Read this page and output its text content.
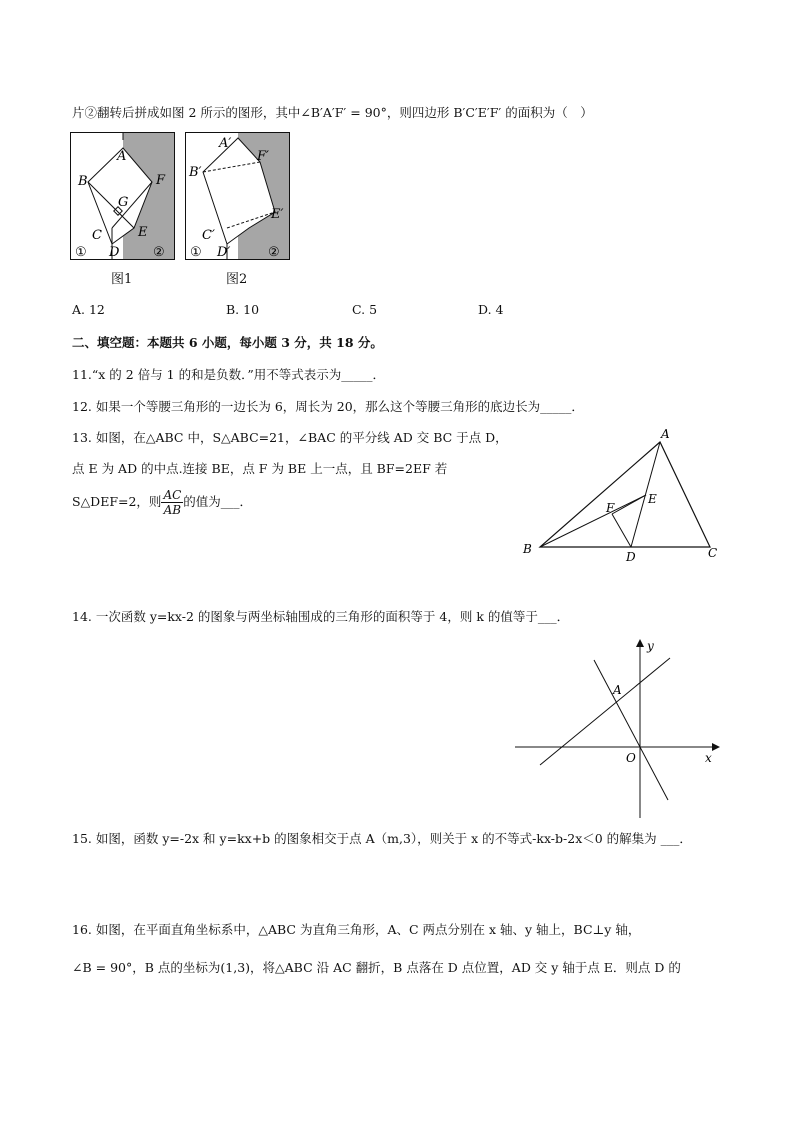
片②翻转后拼成如图 2 所示的图形，其中∠B′A′F′ = 90°，则四边形 B′C′E′F′ 的面积为（　）
A
B	F
G
C	E
D
①	②
图1
A′
B′
F′
E′
C′
D′
①	②
图2
A. 12	B. 10	C. 5	D. 4
二、填空题：本题共 6 小题，每小题 3 分，共 18 分。
11.“x 的 2 倍与 1 的和是负数．”用不等式表示为_____．
12. 如果一个等腰三角形的一边长为 6，周长为 20，那么这个等腰三角形的底边长为_____．
13. 如图，在△ABC 中，S△ABC=21，∠BAC 的平分线 AD 交 BC 于点 D，
点 E 为 AD 的中点.连接 BE，点 F 为 BE 上一点，且 BF=2EF 若
S△DEF=2，则 $\frac{AC}{AB}$ 的值为___．
A
B	C
D
E
F
14. 一次函数 y=kx-2 的图象与两坐标轴围成的三角形的面积等于 4，则 k 的值等于___．
y
x
O
A
15. 如图，函数 y=-2x 和 y=kx+b 的图象相交于点 A（m,3），则关于 x 的不等式-kx-b-2x＜0 的解集为 ___．
16. 如图，在平面直角坐标系中，△ABC 为直角三角形，A、C 两点分别在 x 轴、y 轴上，BC⊥y 轴，
∠B = 90°，B 点的坐标为(1,3)，将△ABC 沿 AC 翻折，B 点落在 D 点位置，AD 交 y 轴于点 E．则点 D 的
